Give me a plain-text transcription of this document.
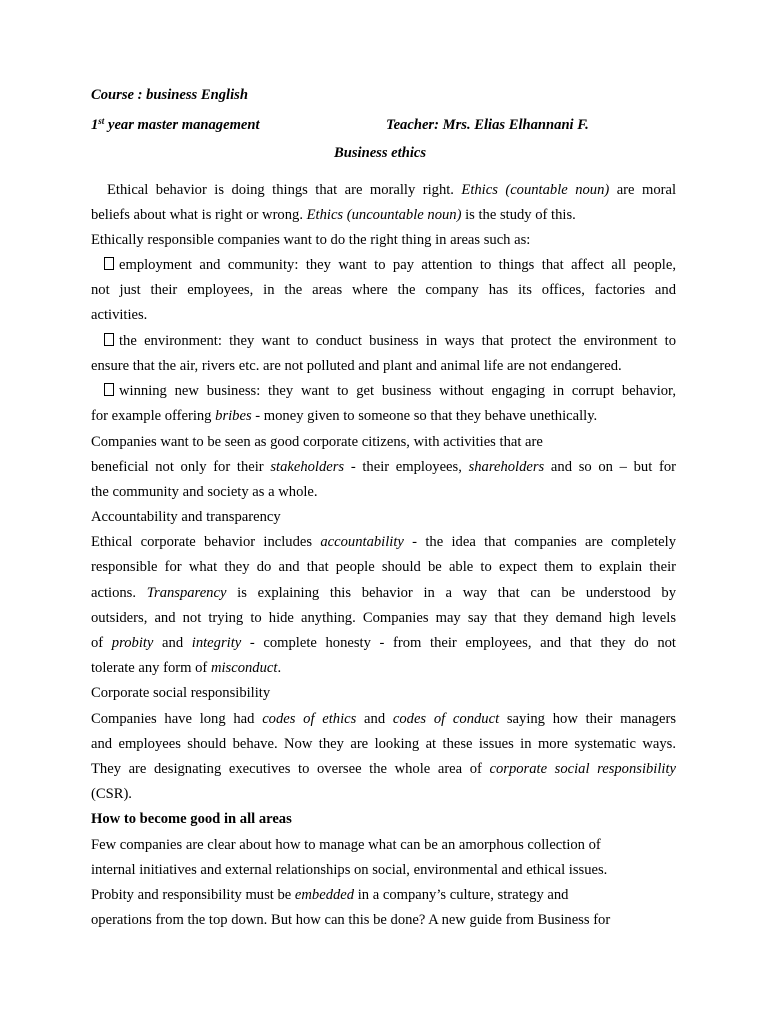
Course : business English
1st year master management	Teacher: Mrs. Elias Elhannani F.
Business ethics
Ethical behavior is doing things that are morally right. Ethics (countable noun) are moral
beliefs about what is right or wrong. Ethics (uncountable noun) is the study of this.
Ethically responsible companies want to do the right thing in areas such as:
employment and community: they want to pay attention to things that affect all people,
not just their employees, in the areas where the company has its offices, factories and
activities.
the environment: they want to conduct business in ways that protect the environment to
ensure that the air, rivers etc. are not polluted and plant and animal life are not endangered.
winning new business: they want to get business without engaging in corrupt behavior,
for example offering bribes - money given to someone so that they behave unethically.
Companies want to be seen as good corporate citizens, with activities that are
beneficial not only for their stakeholders - their employees, shareholders and so on – but for
the community and society as a whole.
Accountability and transparency
Ethical corporate behavior includes accountability - the idea that companies are completely
responsible for what they do and that people should be able to expect them to explain their
actions. Transparency is explaining this behavior in a way that can be understood by
outsiders, and not trying to hide anything. Companies may say that they demand high levels
of probity and integrity - complete honesty - from their employees, and that they do not
tolerate any form of misconduct.
Corporate social responsibility
Companies have long had codes of ethics and codes of conduct saying how their managers
and employees should behave. Now they are looking at these issues in more systematic ways.
They are designating executives to oversee the whole area of corporate social responsibility
(CSR).
How to become good in all areas
Few companies are clear about how to manage what can be an amorphous collection of
internal initiatives and external relationships on social, environmental and ethical issues.
Probity and responsibility must be embedded in a company’s culture, strategy and
operations from the top down. But how can this be done? A new guide from Business for
